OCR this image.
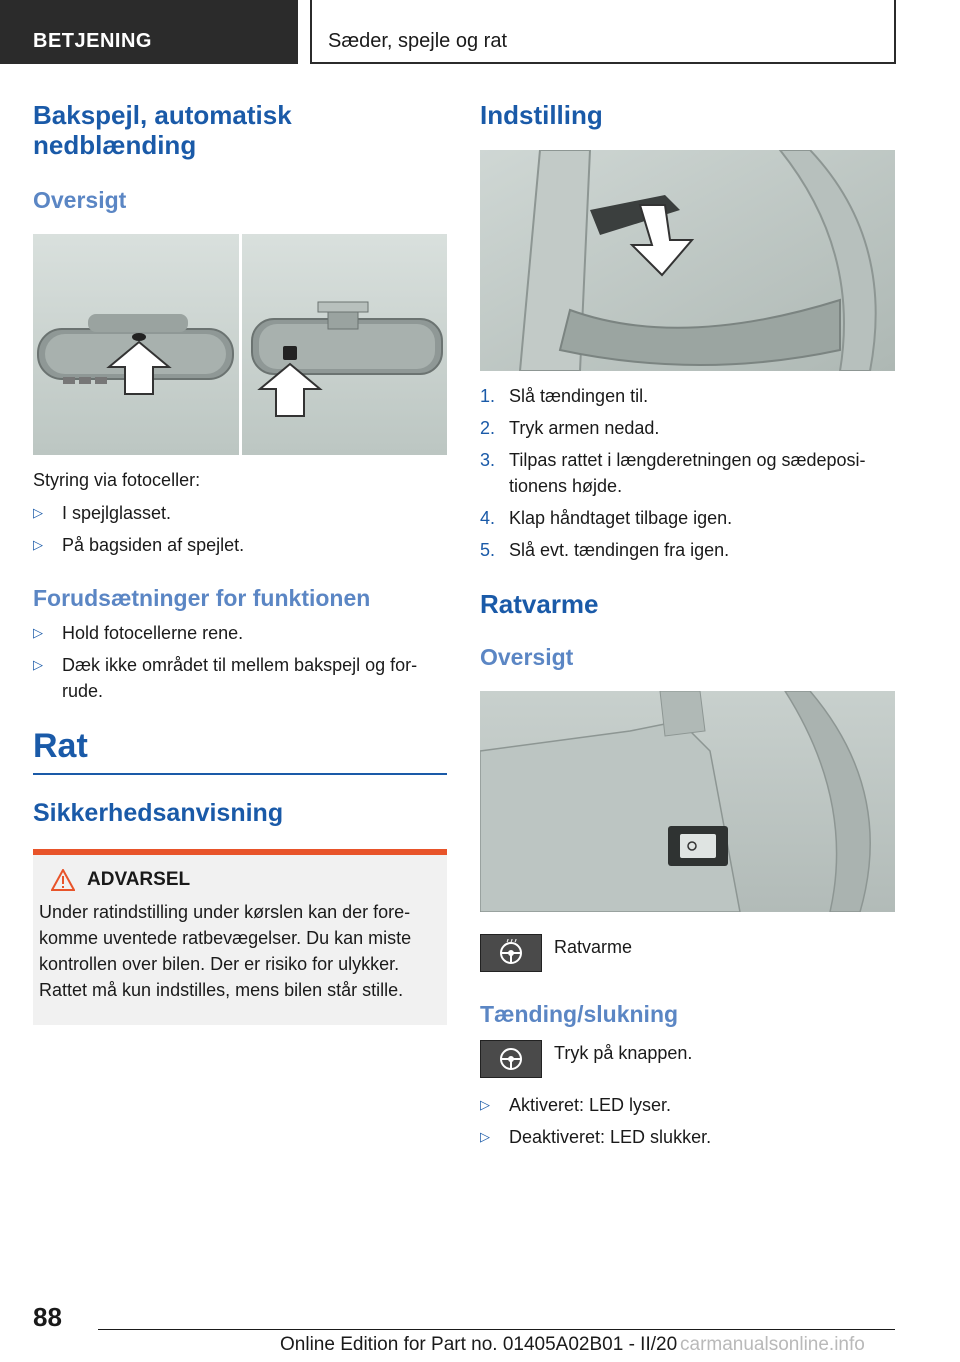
BETJENING	Sæder, spejle og rat
Bakspejl, automatisk nedblænding
Oversigt

Styring via fotoceller:

▷ I spejlglasset.
▷ På bagsiden af spejlet.
Forudsætninger for funktionen
▷ Hold fotocellerne rene.
▷ Dæk ikke området til mellem bakspejl og for-rude.
Rat
Sikkerhedsanvisning
ADVARSEL

Under ratindstilling under kørslen kan der fore-komme uventede ratbevægelser. Du kan miste kontrollen over bilen. Der er risiko for ulykker. Rattet må kun indstilles, mens bilen står stille.

Indstilling
1. Slå tændingen til.
2. Tryk armen nedad.
3. Tilpas rattet i længderetningen og sædeposi-tionens højde.
4. Klap håndtaget tilbage igen.
5. Slå evt. tændingen fra igen.
Ratvarme
Oversigt
Ratvarme
Tænding/slukning
Tryk på knappen.
▷ Aktiveret: LED lyser.
▷ Deaktiveret: LED slukker.
88
Online Edition for Part no. 01405A02B01 - II/20 carmanualsonline.info
